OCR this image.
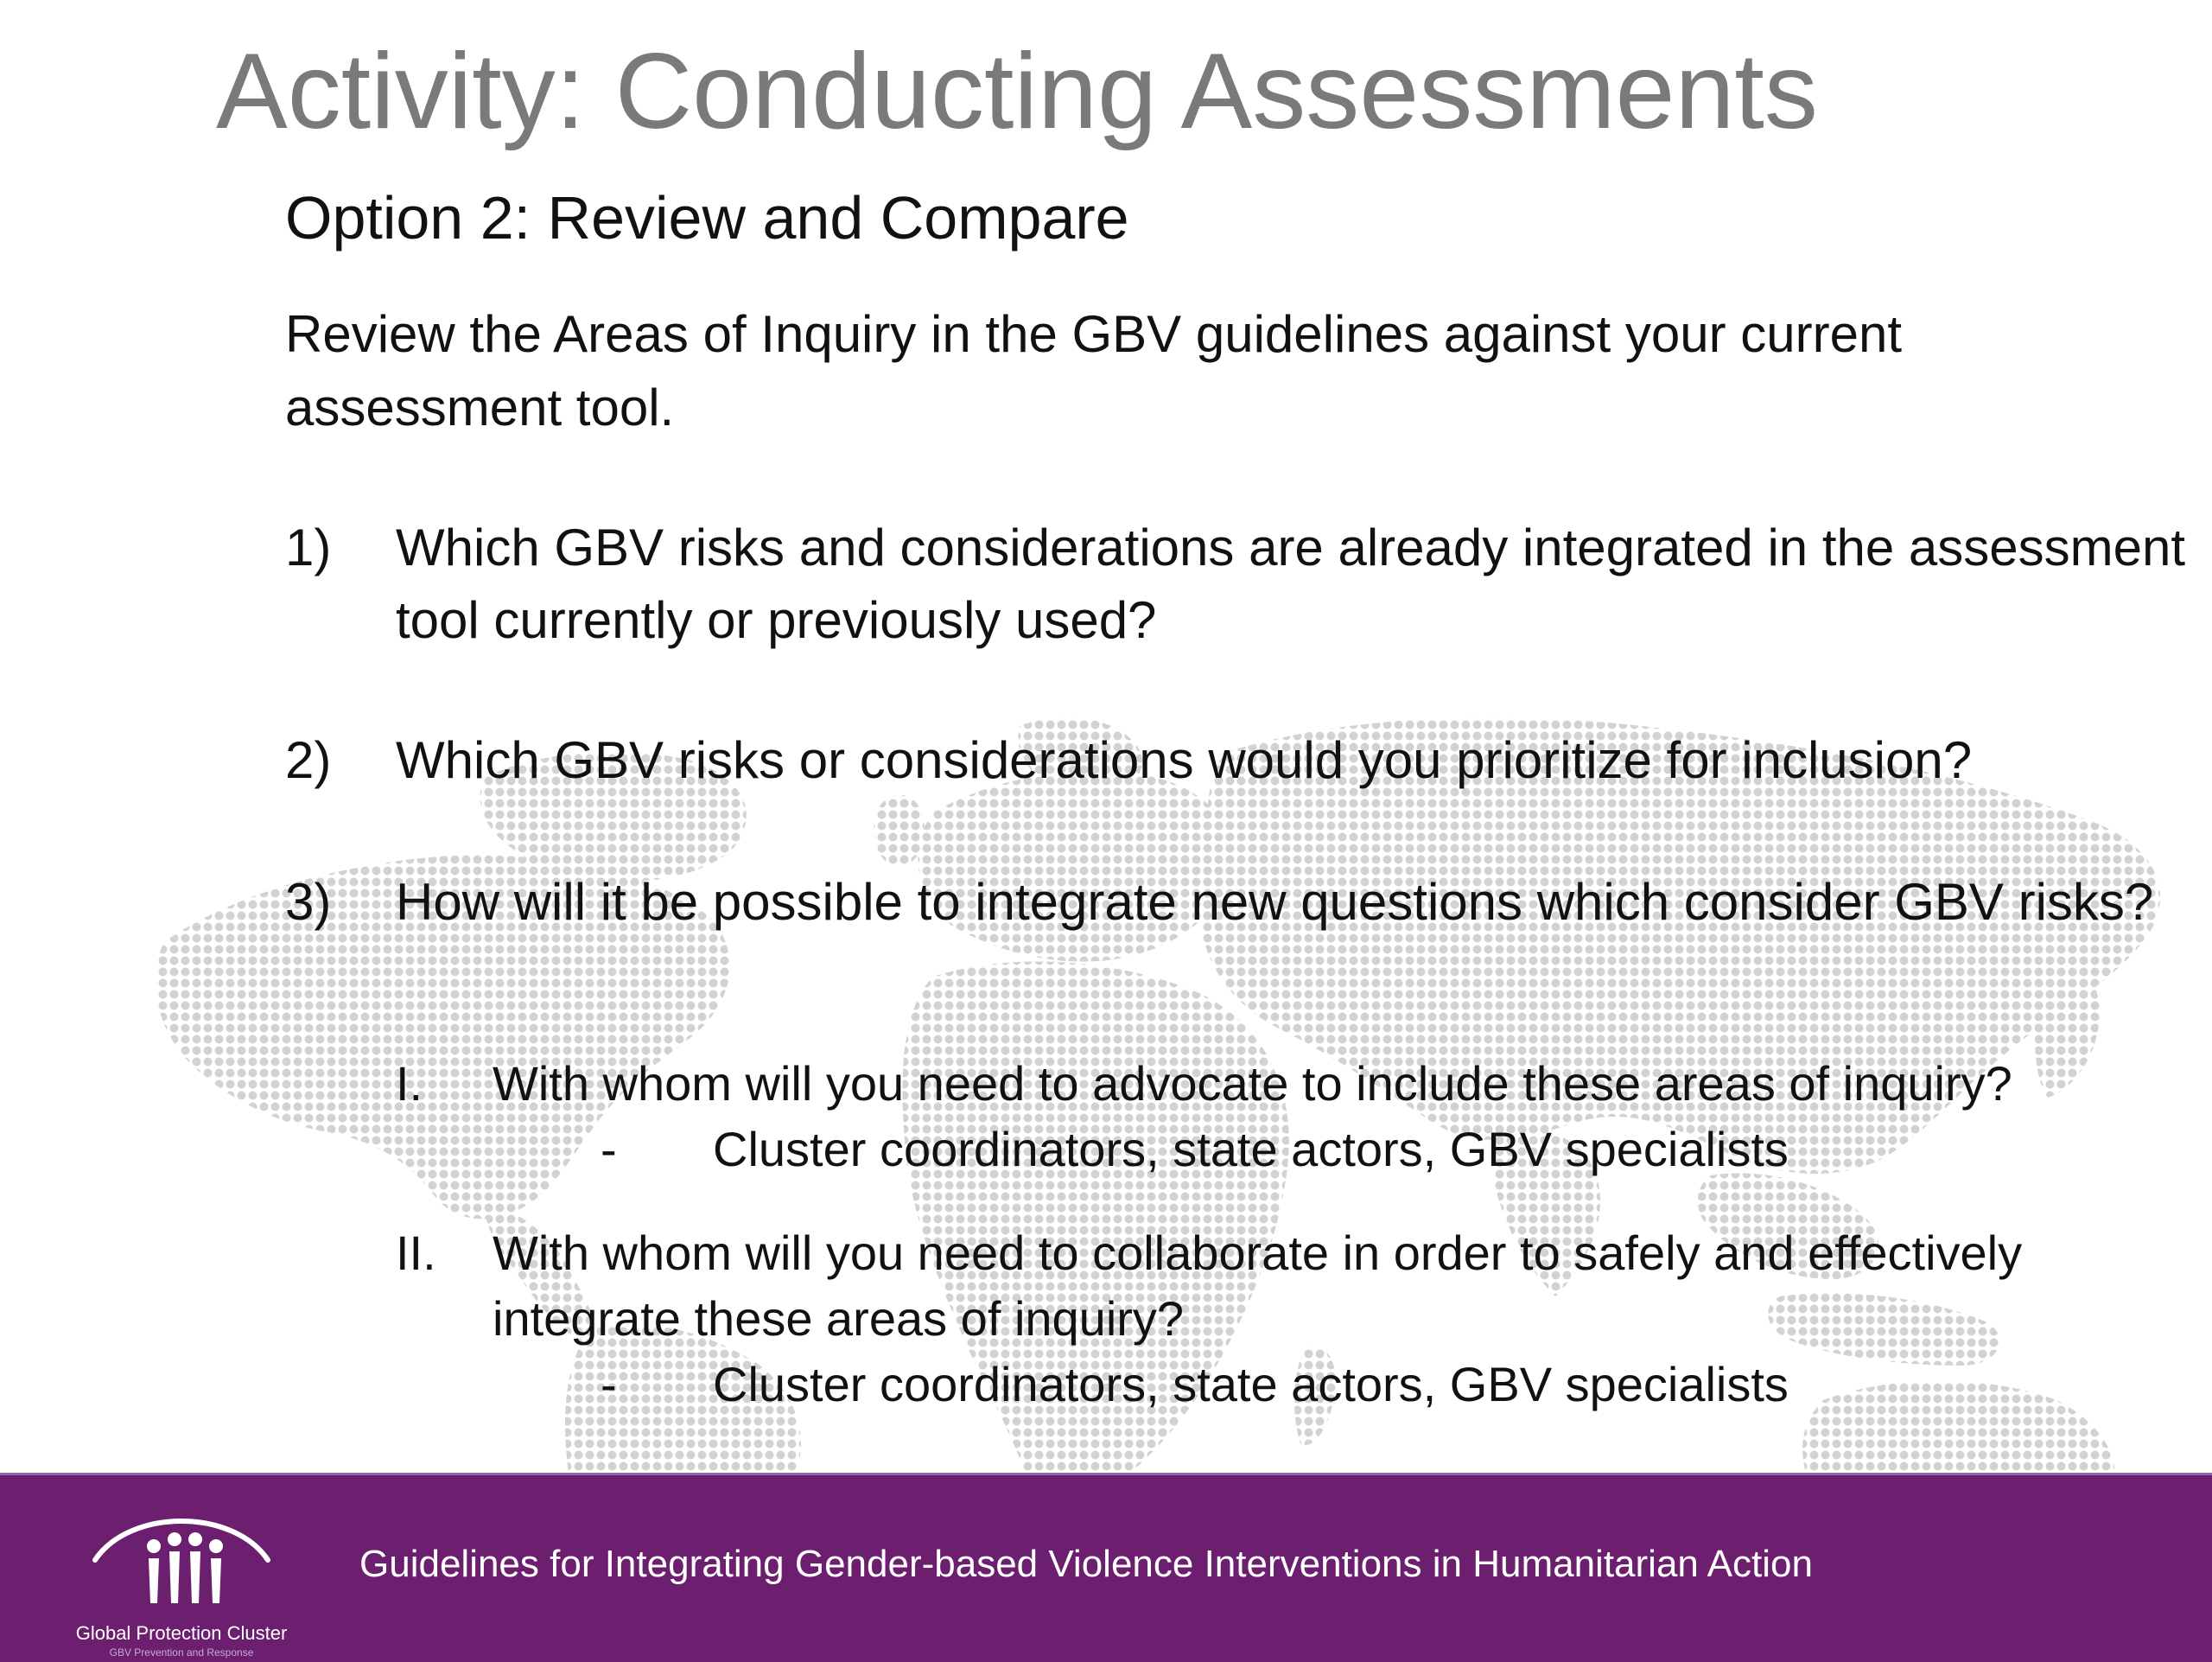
Activity: Conducting Assessments
Option 2: Review and Compare

Review the Areas of Inquiry in the GBV guidelines against your current assessment tool.

1) Which GBV risks and considerations are already integrated in the assessment tool currently or previously used?
2) Which GBV risks or considerations would you prioritize for inclusion?
3) How will it be possible to integrate new questions which consider GBV risks?
I. With whom will you need to advocate to include these areas of inquiry?
- Cluster coordinators, state actors, GBV specialists
II. With whom will you need to collaborate in order to safely and effectively integrate these areas of inquiry?
- Cluster coordinators, state actors, GBV specialists
Global Protection Cluster
GBV Prevention and Response
Guidelines for Integrating Gender-based Violence Interventions in Humanitarian Action
